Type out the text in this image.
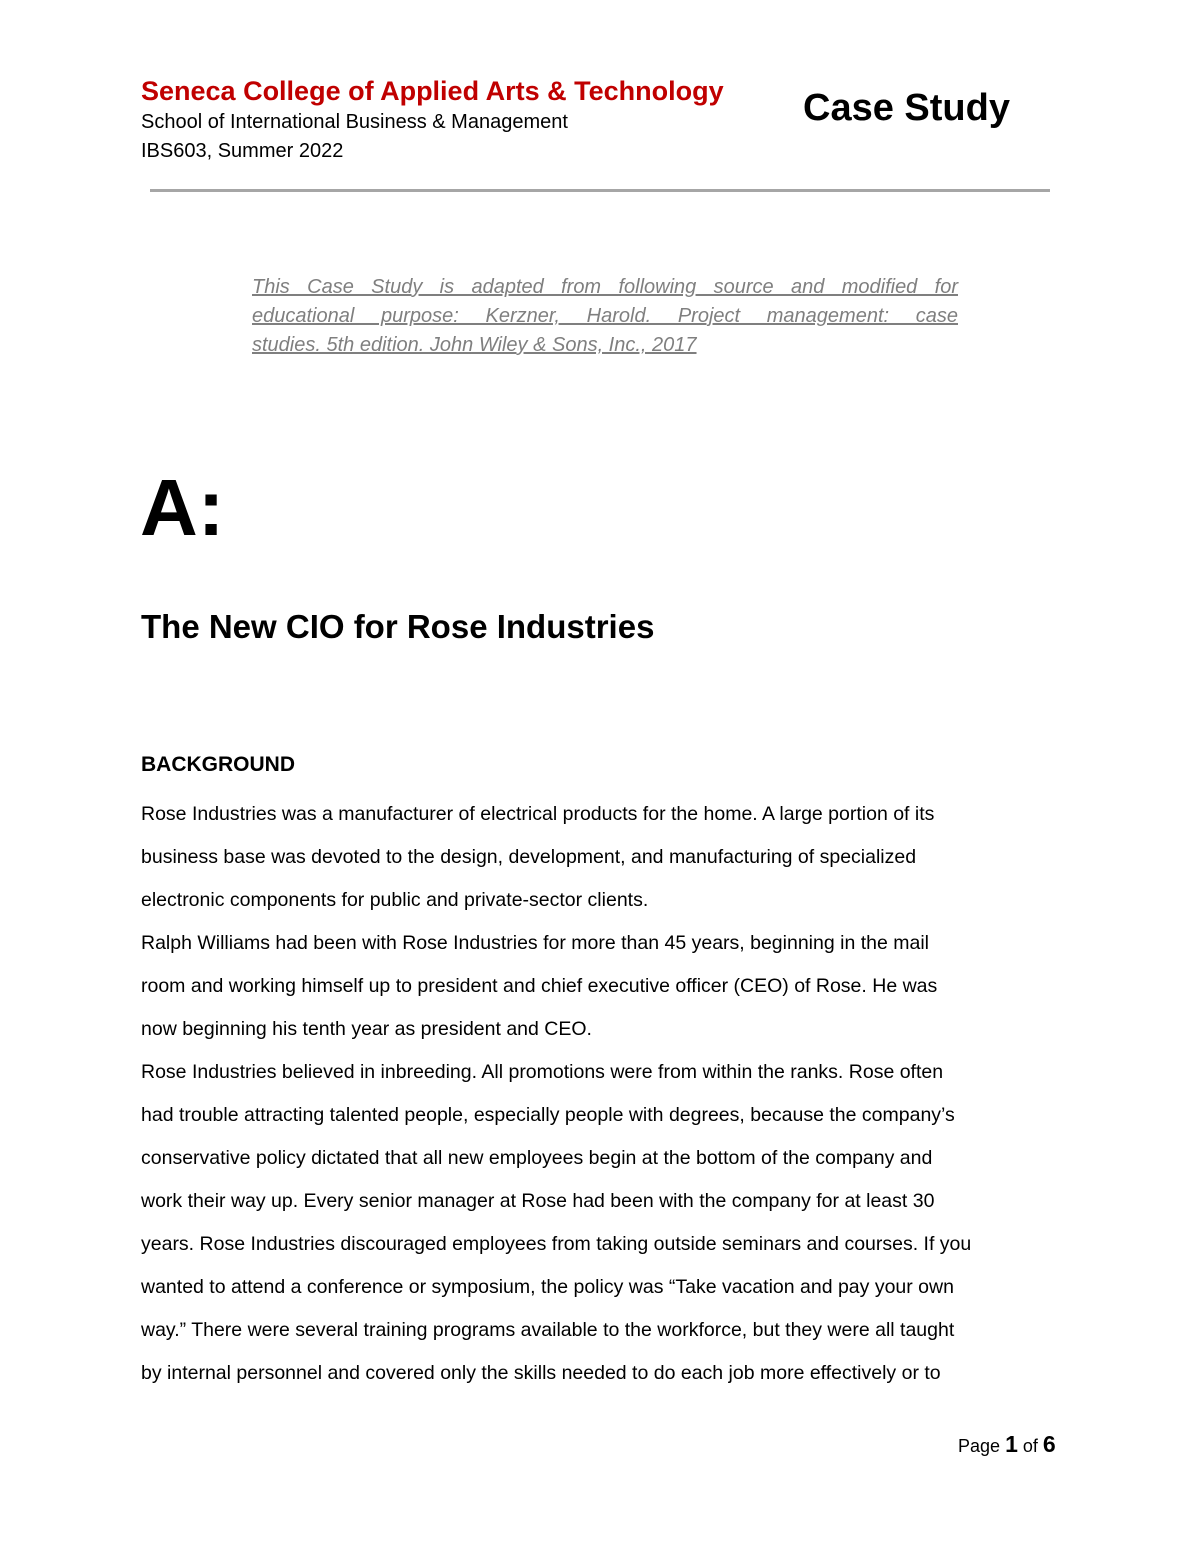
Seneca College of Applied Arts & Technology

School of International Business & Management

IBS603, Summer 2022

Case Study
This Case Study is adapted from following source and modified for
educational purpose: Kerzner, Harold. Project management: case
studies. 5th edition. John Wiley & Sons, Inc., 2017
A:
The New CIO for Rose Industries
BACKGROUND
Rose Industries was a manufacturer of electrical products for the home. A large portion of its
business base was devoted to the design, development, and manufacturing of specialized
electronic components for public and private-sector clients.
Ralph Williams had been with Rose Industries for more than 45 years, beginning in the mail
room and working himself up to president and chief executive officer (CEO) of Rose. He was
now beginning his tenth year as president and CEO.
Rose Industries believed in inbreeding. All promotions were from within the ranks. Rose often
had trouble attracting talented people, especially people with degrees, because the company’s
conservative policy dictated that all new employees begin at the bottom of the company and
work their way up. Every senior manager at Rose had been with the company for at least 30
years. Rose Industries discouraged employees from taking outside seminars and courses. If you
wanted to attend a conference or symposium, the policy was “Take vacation and pay your own
way.” There were several training programs available to the workforce, but they were all taught
by internal personnel and covered only the skills needed to do each job more effectively or to
Page 1 of 6
